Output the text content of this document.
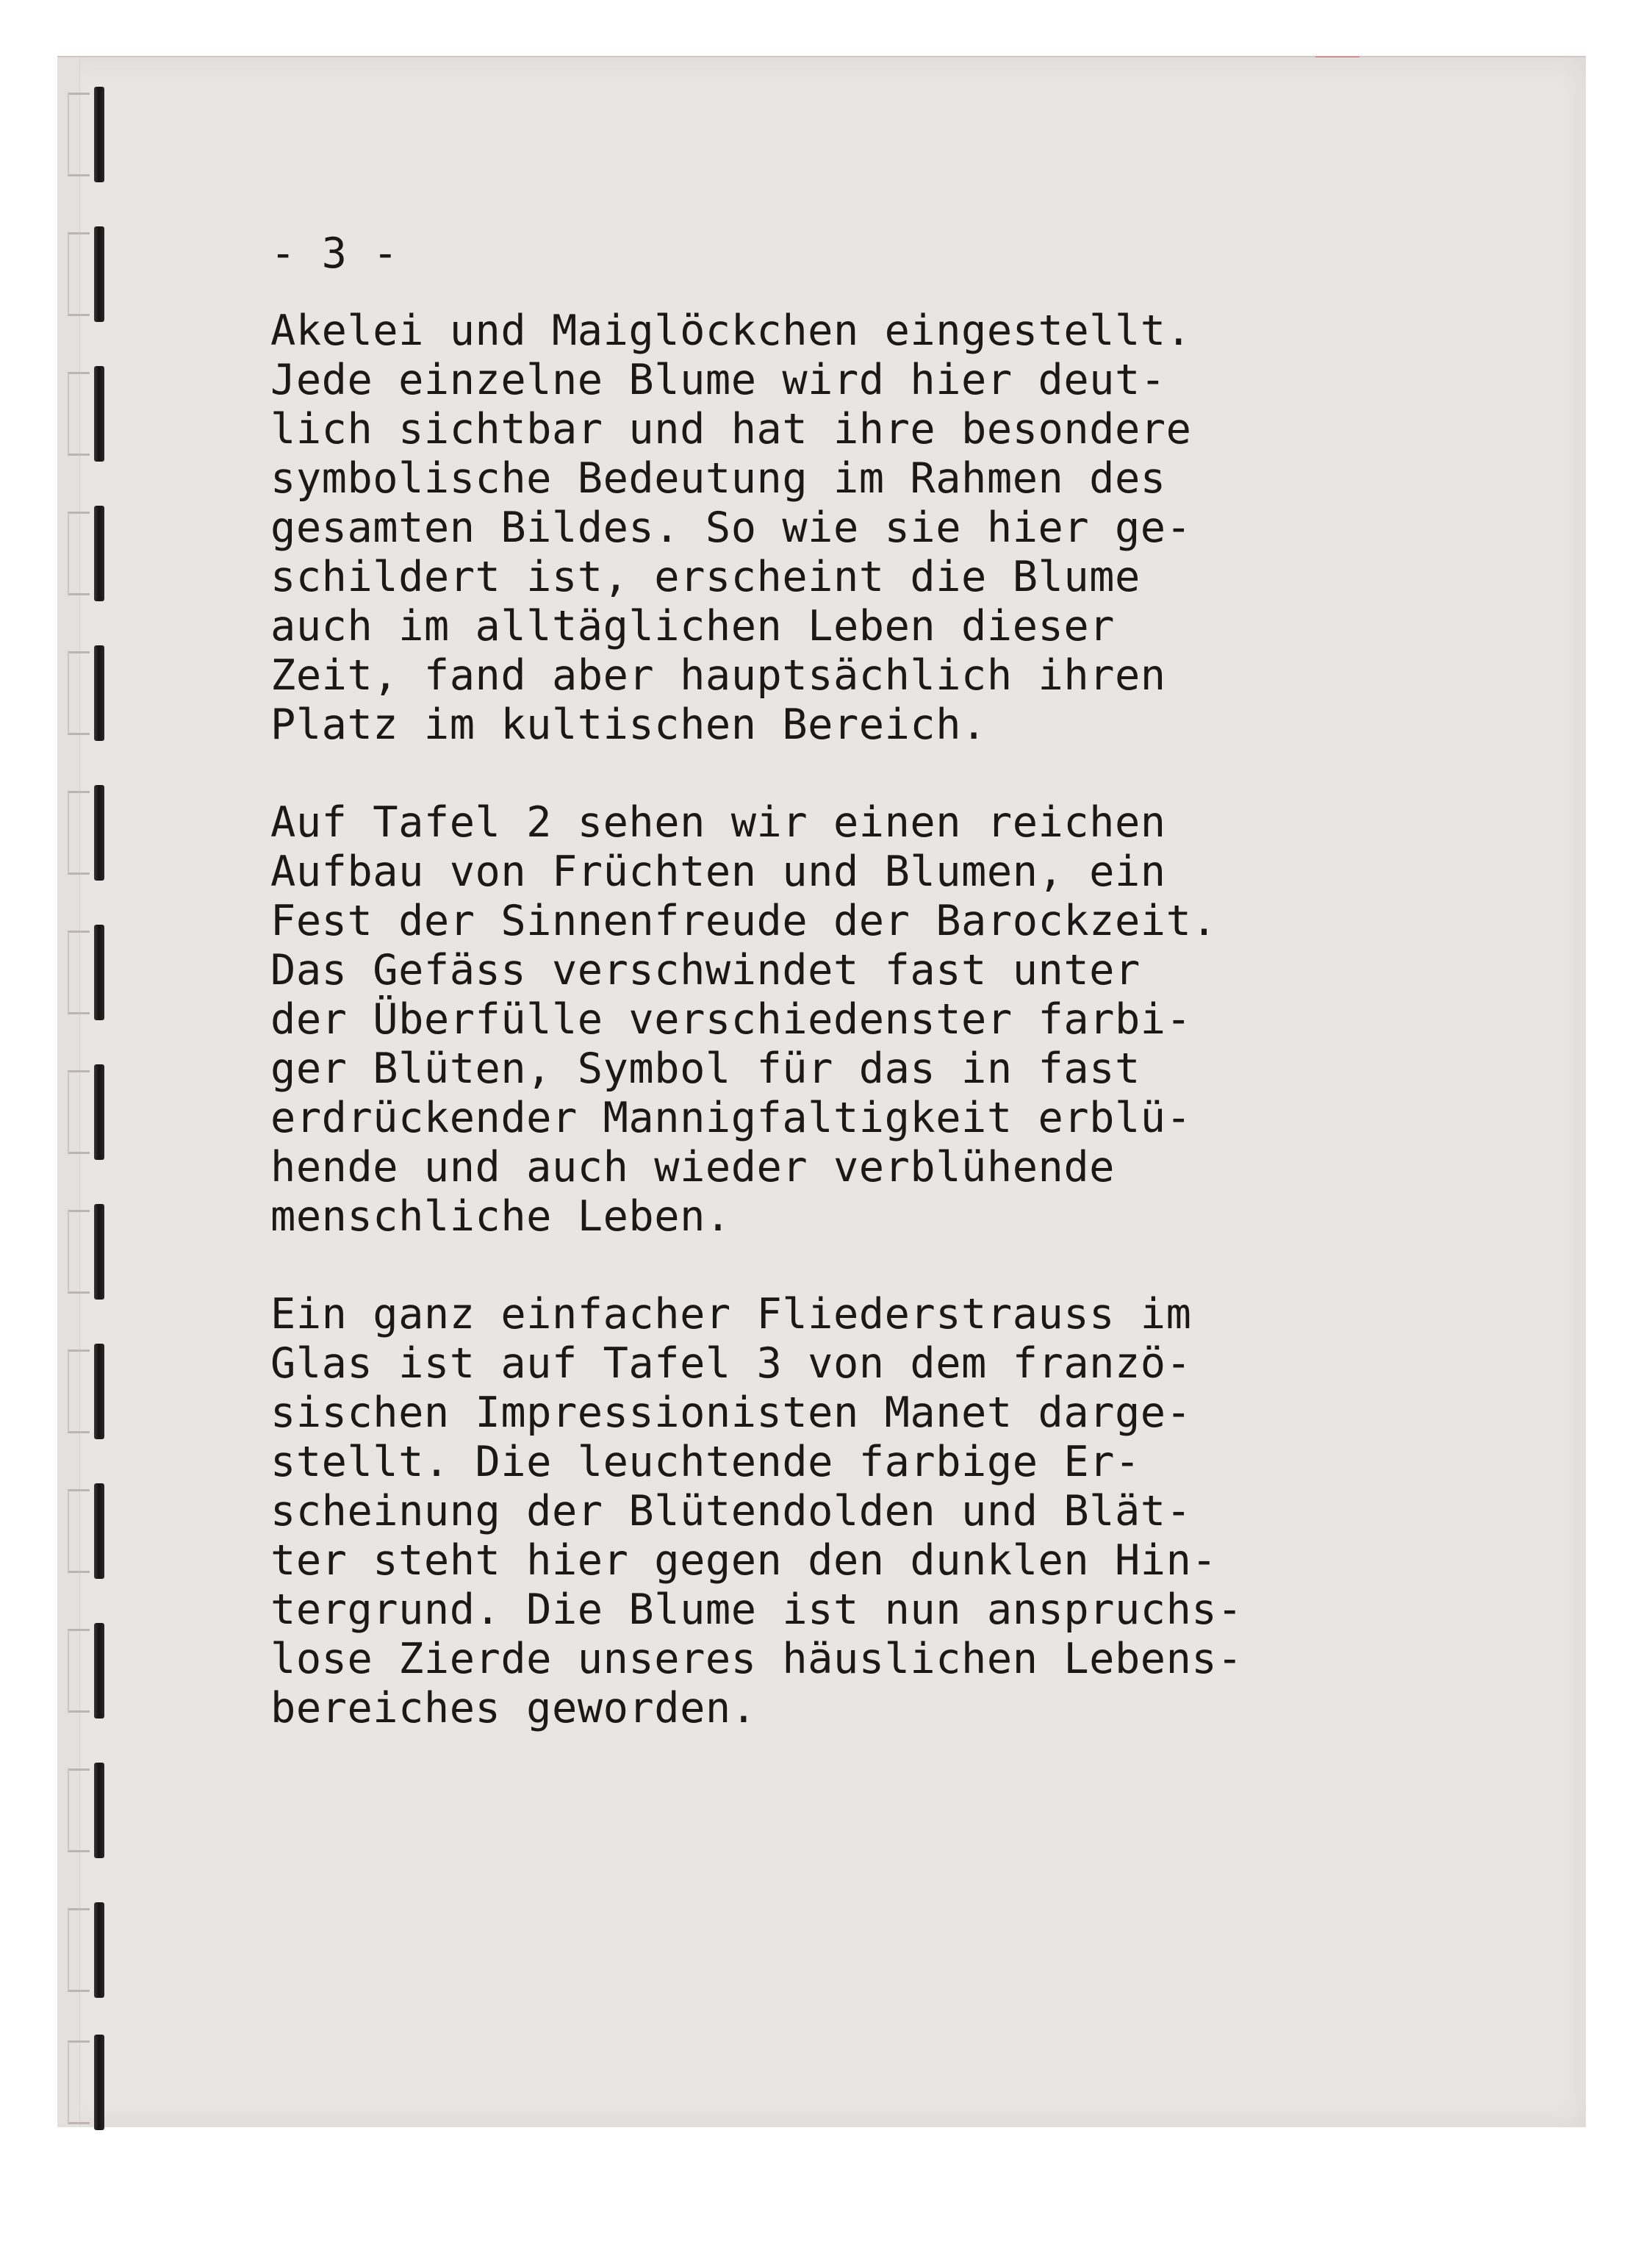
- 3 -
Akelei und Maiglöckchen eingestellt.
Jede einzelne Blume wird hier deut-
lich sichtbar und hat ihre besondere
symbolische Bedeutung im Rahmen des
gesamten Bildes. So wie sie hier ge-
schildert ist, erscheint die Blume
auch im alltäglichen Leben dieser
Zeit, fand aber hauptsächlich ihren
Platz im kultischen Bereich.
Auf Tafel 2 sehen wir einen reichen
Aufbau von Früchten und Blumen, ein
Fest der Sinnenfreude der Barockzeit.
Das Gefäss verschwindet fast unter
der Überfülle verschiedenster farbi-
ger Blüten, Symbol für das in fast
erdrückender Mannigfaltigkeit erblü-
hende und auch wieder verblühende
menschliche Leben.
Ein ganz einfacher Fliederstrauss im
Glas ist auf Tafel 3 von dem franzö-
sischen Impressionisten Manet darge-
stellt. Die leuchtende farbige Er-
scheinung der Blütendolden und Blät-
ter steht hier gegen den dunklen Hin-
tergrund. Die Blume ist nun anspruchs-
lose Zierde unseres häuslichen Lebens-
bereiches geworden.
